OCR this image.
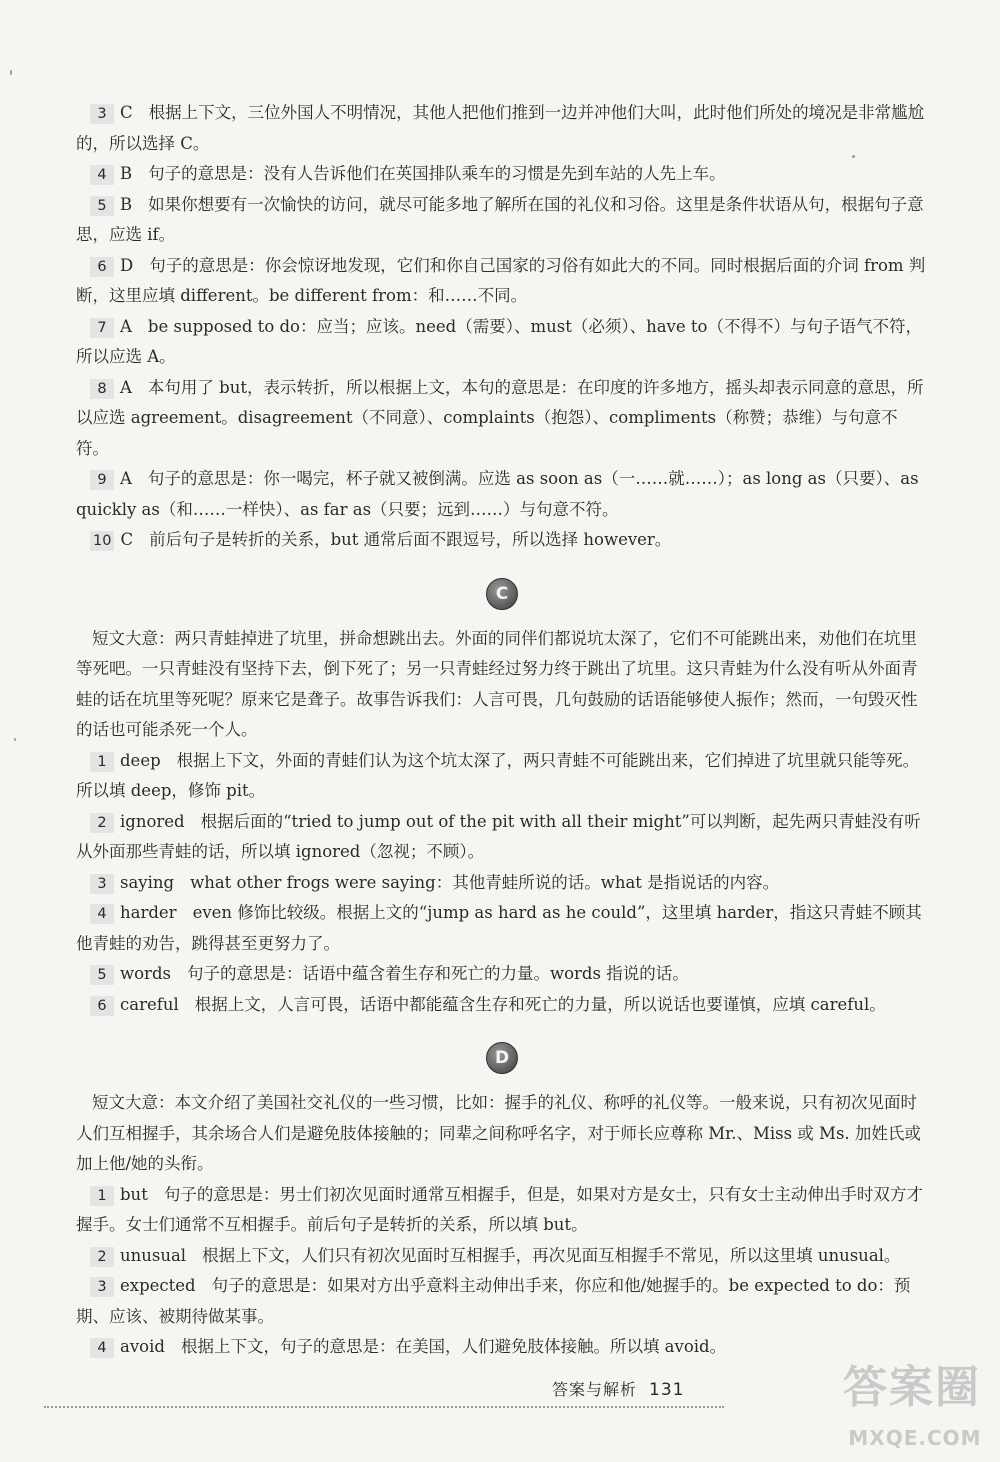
3 C 根据上下文，三位外国人不明情况，其他人把他们推到一边并冲他们大叫，此时他们所处的境况是非常尴尬的，所以选择 C。

4 B 句子的意思是：没有人告诉他们在英国排队乘车的习惯是先到车站的人先上车。

5 B 如果你想要有一次愉快的访问，就尽可能多地了解所在国的礼仪和习俗。这里是条件状语从句，根据句子意思，应选 if。

6 D 句子的意思是：你会惊讶地发现，它们和你自己国家的习俗有如此大的不同。同时根据后面的介词 from 判断，这里应填 different。be different from：和……不同。

7 A be supposed to do：应当；应该。need（需要）、must（必须）、have to（不得不）与句子语气不符，所以应选 A。

8 A 本句用了 but，表示转折，所以根据上文，本句的意思是：在印度的许多地方，摇头却表示同意的意思，所以应选 agreement。disagreement（不同意）、complaints（抱怨）、compliments（称赞；恭维）与句意不符。

9 A 句子的意思是：你一喝完，杯子就又被倒满。应选 as soon as（一……就……）；as long as（只要）、as quickly as（和……一样快）、as far as（只要；远到……）与句意不符。

10 C 前后句子是转折的关系，but 通常后面不跟逗号，所以选择 however。

C

短文大意：两只青蛙掉进了坑里，拼命想跳出去。外面的同伴们都说坑太深了，它们不可能跳出来，劝他们在坑里等死吧。一只青蛙没有坚持下去，倒下死了；另一只青蛙经过努力终于跳出了坑里。这只青蛙为什么没有听从外面青蛙的话在坑里等死呢？原来它是聋子。故事告诉我们：人言可畏，几句鼓励的话语能够使人振作；然而，一句毁灭性的话也可能杀死一个人。

1 deep 根据上下文，外面的青蛙们认为这个坑太深了，两只青蛙不可能跳出来，它们掉进了坑里就只能等死。所以填 deep，修饰 pit。

2 ignored 根据后面的“tried to jump out of the pit with all their might”可以判断，起先两只青蛙没有听从外面那些青蛙的话，所以填 ignored（忽视；不顾）。

3 saying what other frogs were saying：其他青蛙所说的话。what 是指说话的内容。

4 harder even 修饰比较级。根据上文的“jump as hard as he could”，这里填 harder，指这只青蛙不顾其他青蛙的劝告，跳得甚至更努力了。

5 words 句子的意思是：话语中蕴含着生存和死亡的力量。words 指说的话。

6 careful 根据上文，人言可畏，话语中都能蕴含生存和死亡的力量，所以说话也要谨慎，应填 careful。

D

短文大意：本文介绍了美国社交礼仪的一些习惯，比如：握手的礼仪、称呼的礼仪等。一般来说，只有初次见面时人们互相握手，其余场合人们是避免肢体接触的；同辈之间称呼名字，对于师长应尊称 Mr.、Miss 或 Ms. 加姓氏或加上他/她的头衔。

1 but 句子的意思是：男士们初次见面时通常互相握手，但是，如果对方是女士，只有女士主动伸出手时双方才握手。女士们通常不互相握手。前后句子是转折的关系，所以填 but。

2 unusual 根据上下文，人们只有初次见面时互相握手，再次见面互相握手不常见，所以这里填 unusual。

3 expected 句子的意思是：如果对方出乎意料主动伸出手来，你应和他/她握手的。be expected to do：预期、应该、被期待做某事。

4 avoid 根据上下文，句子的意思是：在美国，人们避免肢体接触。所以填 avoid。

答案与解析 131	答案圈
MXQE.COM
